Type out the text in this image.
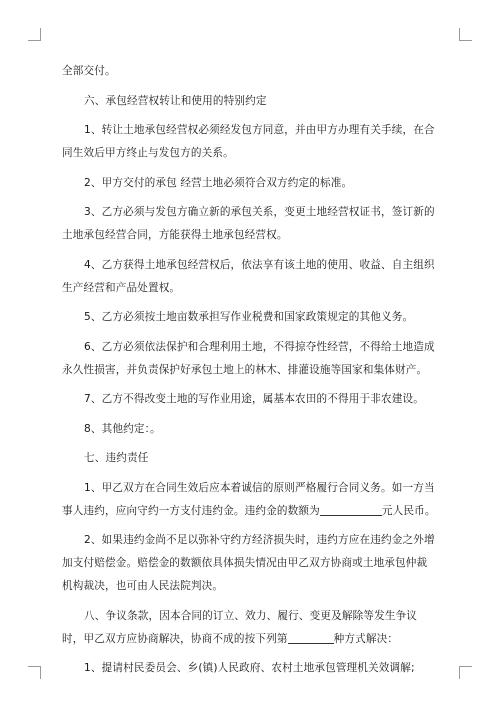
全部交付。

六、承包经营权转让和使用的特别约定

1、转让土地承包经营权必须经发包方同意，并由甲方办理有关手续，在合同生效后甲方终止与发包方的关系。

2、甲方交付的承包 经营土地必须符合双方约定的标准。

3、乙方必须与发包方确立新的承包关系，变更土地经营权证书，签订新的土地承包经营合同，方能获得土地承包经营权。

4、乙方获得土地承包经营权后，依法享有该土地的使用、收益、自主组织生产经营和产品处置权。

5、乙方必须按土地亩数承担写作业税费和国家政策规定的其他义务。

6、乙方必须依法保护和合理利用土地，不得掠夺性经营，不得给土地造成永久性损害，并负责保护好承包土地上的林木、排灌设施等国家和集体财产。

7、乙方不得改变土地的写作业用途，属基本农田的不得用于非农建设。

8、其他约定：。

七、违约责任

1、甲乙双方在合同生效后应本着诚信的原则严格履行合同义务。如一方当事人违约，应向守约一方支付违约金。违约金的数额为	元人民币。

2、如果违约金尚不足以弥补守约方经济损失时，违约方应在违约金之外增加支付赔偿金。赔偿金的数额依具体损失情况由甲乙双方协商或土地承包仲裁机构裁决，也可由人民法院判决。

八、争议条款，因本合同的订立、效力、履行、变更及解除等发生争议时，甲乙双方应协商解决，协商不成的按下列第	种方式解决：

1、提请村民委员会、乡(镇)人民政府、农村土地承包管理机关效调解;
